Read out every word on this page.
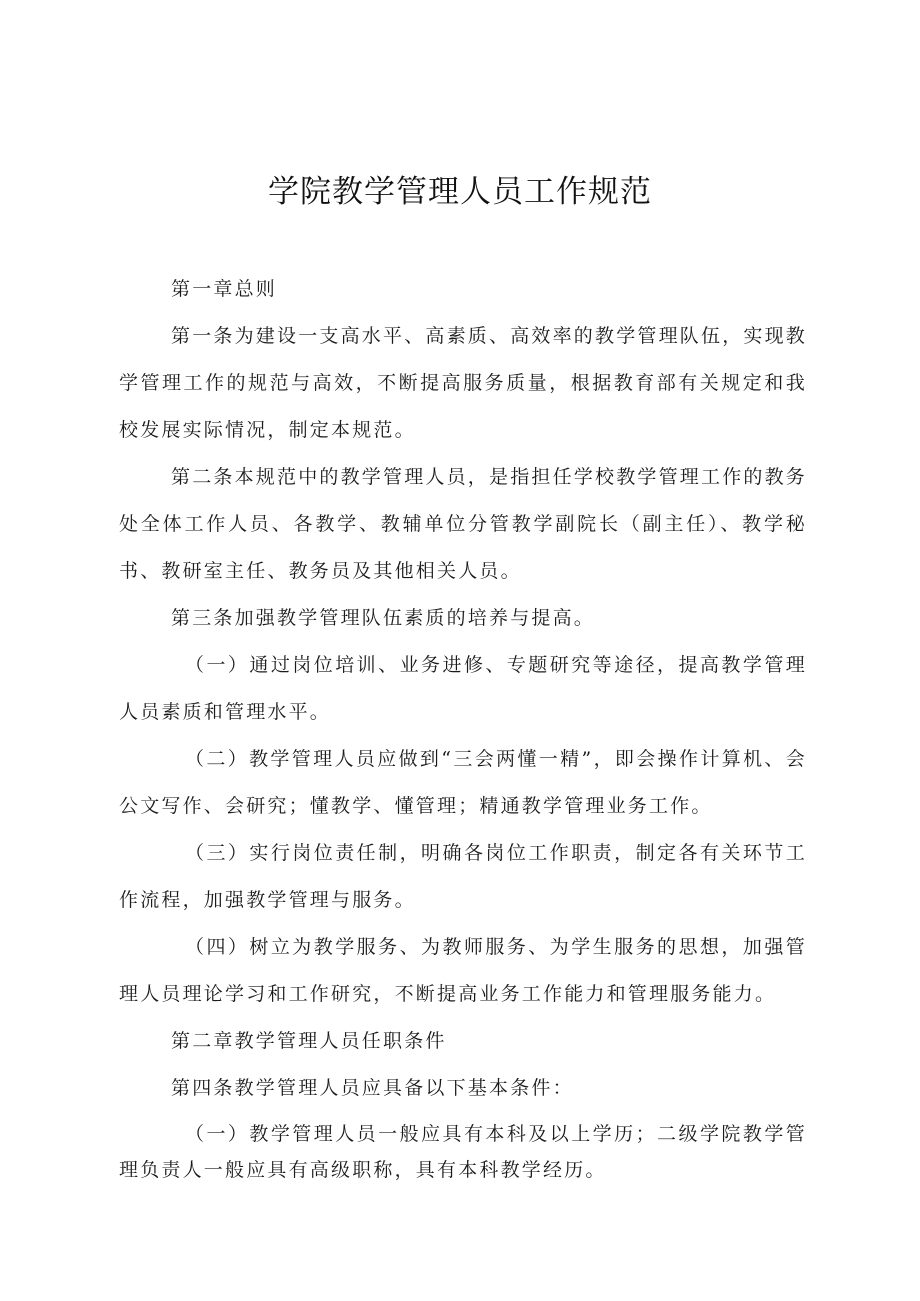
学院教学管理人员工作规范

第一章总则

第一条为建设一支高水平、高素质、高效率的教学管理队伍，实现教学管理工作的规范与高效，不断提高服务质量，根据教育部有关规定和我校发展实际情况，制定本规范。

第二条本规范中的教学管理人员，是指担任学校教学管理工作的教务处全体工作人员、各教学、教辅单位分管教学副院长（副主任）、教学秘书、教研室主任、教务员及其他相关人员。

第三条加强教学管理队伍素质的培养与提高。

（一）通过岗位培训、业务进修、专题研究等途径，提高教学管理人员素质和管理水平。

（二）教学管理人员应做到“三会两懂一精”，即会操作计算机、会公文写作、会研究；懂教学、懂管理；精通教学管理业务工作。

（三）实行岗位责任制，明确各岗位工作职责，制定各有关环节工作流程，加强教学管理与服务。

（四）树立为教学服务、为教师服务、为学生服务的思想，加强管理人员理论学习和工作研究，不断提高业务工作能力和管理服务能力。

第二章教学管理人员任职条件

第四条教学管理人员应具备以下基本条件：

（一）教学管理人员一般应具有本科及以上学历；二级学院教学管理负责人一般应具有高级职称，具有本科教学经历。
